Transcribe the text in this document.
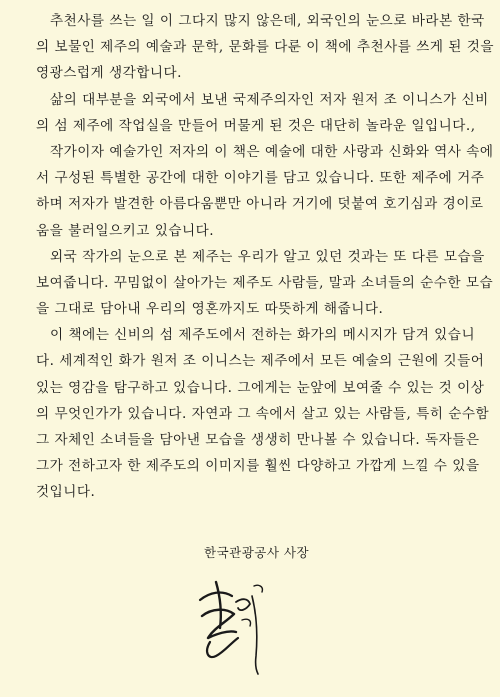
추천사를 쓰는 일 이 그다지 많지 않은데, 외국인의 눈으로 바라본 한국
의 보물인 제주의 예술과 문학, 문화를 다룬 이 책에 추천사를 쓰게 된 것을
영광스럽게 생각합니다.

삶의 대부분을 외국에서 보낸 국제주의자인 저자 원저 조 이니스가 신비
의 섬 제주에 작업실을 만들어 머물게 된 것은 대단히 놀라운 일입니다.,

작가이자 예술가인 저자의 이 책은 예술에 대한 사랑과 신화와 역사 속에
서 구성된 특별한 공간에 대한 이야기를 담고 있습니다. 또한 제주에 거주
하며 저자가 발견한 아름다움뿐만 아니라 거기에 덧붙여 호기심과 경이로
움을 불러일으키고 있습니다.

외국 작가의 눈으로 본 제주는 우리가 알고 있던 것과는 또 다른 모습을
보여줍니다. 꾸밈없이 살아가는 제주도 사람들, 말과 소녀들의 순수한 모습
을 그대로 담아내 우리의 영혼까지도 따뜻하게 해줍니다.

이 책에는 신비의 섬 제주도에서 전하는 화가의 메시지가 담겨 있습니
다. 세계적인 화가 원저 조 이니스는 제주에서 모든 예술의 근원에 깃들어
있는 영감을 탐구하고 있습니다. 그에게는 눈앞에 보여줄 수 있는 것 이상
의 무엇인가가 있습니다. 자연과 그 속에서 살고 있는 사람들, 특히 순수함
그 자체인 소녀들을 담아낸 모습을 생생히 만나볼 수 있습니다. 독자들은
그가 전하고자 한 제주도의 이미지를 훨씬 다양하고 가깝게 느낄 수 있을
것입니다.

한국관광공사 사장
